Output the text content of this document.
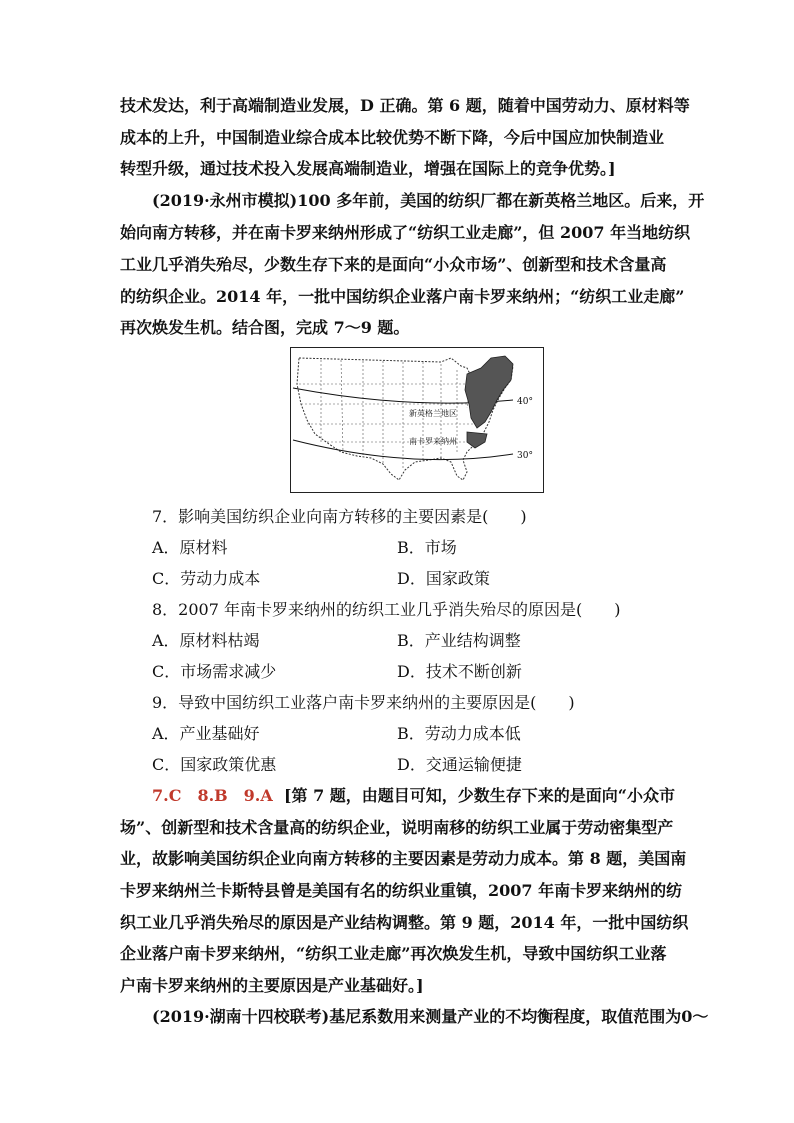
技术发达，利于高端制造业发展，D 正确。第 6 题，随着中国劳动力、原材料等
成本的上升，中国制造业综合成本比较优势不断下降，今后中国应加快制造业
转型升级，通过技术投入发展高端制造业，增强在国际上的竞争优势。]
(2019·永州市模拟)100 多年前，美国的纺织厂都在新英格兰地区。后来，开
始向南方转移，并在南卡罗来纳州形成了“纺织工业走廊”，但 2007 年当地纺织
工业几乎消失殆尽，少数生存下来的是面向“小众市场”、创新型和技术含量高
的纺织企业。2014 年，一批中国纺织企业落户南卡罗来纳州；“纺织工业走廊”
再次焕发生机。结合图，完成 7～9 题。
新英格兰地区
南卡罗来纳州
40°
30°
7．影响美国纺织企业向南方转移的主要因素是(　　)
A．原材料	B．市场
C．劳动力成本	D．国家政策
8．2007 年南卡罗来纳州的纺织工业几乎消失殆尽的原因是(　　)
A．原材料枯竭	B．产业结构调整
C．市场需求减少	D．技术不断创新
9．导致中国纺织工业落户南卡罗来纳州的主要原因是(　　)
A．产业基础好	B．劳动力成本低
C．国家政策优惠	D．交通运输便捷
7.C　8.B　9.A [第 7 题，由题目可知，少数生存下来的是面向“小众市
场”、创新型和技术含量高的纺织企业，说明南移的纺织工业属于劳动密集型产
业，故影响美国纺织企业向南方转移的主要因素是劳动力成本。第 8 题，美国南
卡罗来纳州兰卡斯特县曾是美国有名的纺织业重镇，2007 年南卡罗来纳州的纺
织工业几乎消失殆尽的原因是产业结构调整。第 9 题，2014 年，一批中国纺织
企业落户南卡罗来纳州，“纺织工业走廊”再次焕发生机，导致中国纺织工业落
户南卡罗来纳州的主要原因是产业基础好。]
(2019·湖南十四校联考)基尼系数用来测量产业的不均衡程度，取值范围为0～
